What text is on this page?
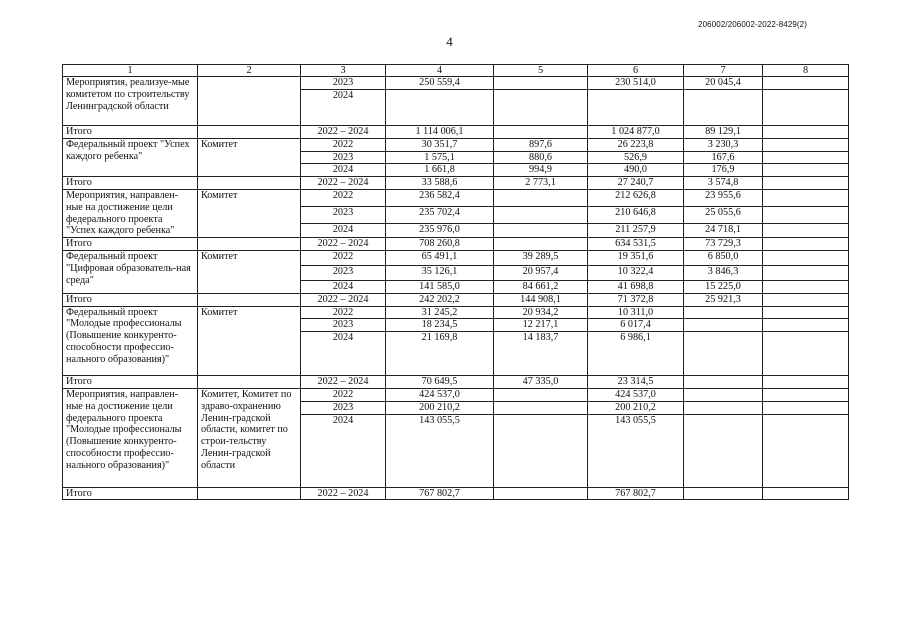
206002/206002-2022-8429(2)
4
1	2	3	4	5	6	7	8
Мероприятия, реализуе-мые комитетом по строительству Ленинградской области		2023	250 559,4		230 514,0	20 045,4	
		2024					
Итого		2022 – 2024	1 114 006,1		1 024 877,0	89 129,1	
Федеральный проект "Успех каждого ребенка"	Комитет	2022	30 351,7	897,6	26 223,8	3 230,3	
		2023	1 575,1	880,6	526,9	167,6	
		2024	1 661,8	994,9	490,0	176,9	
Итого		2022 – 2024	33 588,6	2 773,1	27 240,7	3 574,8	
Мероприятия, направлен-ные на достижение цели федерального проекта "Успех каждого ребенка"	Комитет	2022	236 582,4		212 626,8	23 955,6	
		2023	235 702,4		210 646,8	25 055,6	
		2024	235 976,0		211 257,9	24 718,1	
Итого		2022 – 2024	708 260,8		634 531,5	73 729,3	
Федеральный проект "Цифровая образователь-ная среда"	Комитет	2022	65 491,1	39 289,5	19 351,6	6 850,0	
		2023	35 126,1	20 957,4	10 322,4	3 846,3	
		2024	141 585,0	84 661,2	41 698,8	15 225,0	
Итого		2022 – 2024	242 202,2	144 908,1	71 372,8	25 921,3	
Федеральный проект "Молодые профессионалы (Повышение конкуренто-способности профессио-нального образования)"	Комитет	2022	31 245,2	20 934,2	10 311,0		
		2023	18 234,5	12 217,1	6 017,4		
		2024	21 169,8	14 183,7	6 986,1		
Итого		2022 – 2024	70 649,5	47 335,0	23 314,5		
Мероприятия, направлен-ные на достижение цели федерального проекта "Молодые профессионалы (Повышение конкуренто-способности профессио-нального образования)"	Комитет, Комитет по здраво-охранению Ленин-градской области, комитет по строи-тельству Ленин-градской области	2022	424 537,0		424 537,0		
		2023	200 210,2		200 210,2		
		2024	143 055,5		143 055,5		
Итого		2022 – 2024	767 802,7		767 802,7		
